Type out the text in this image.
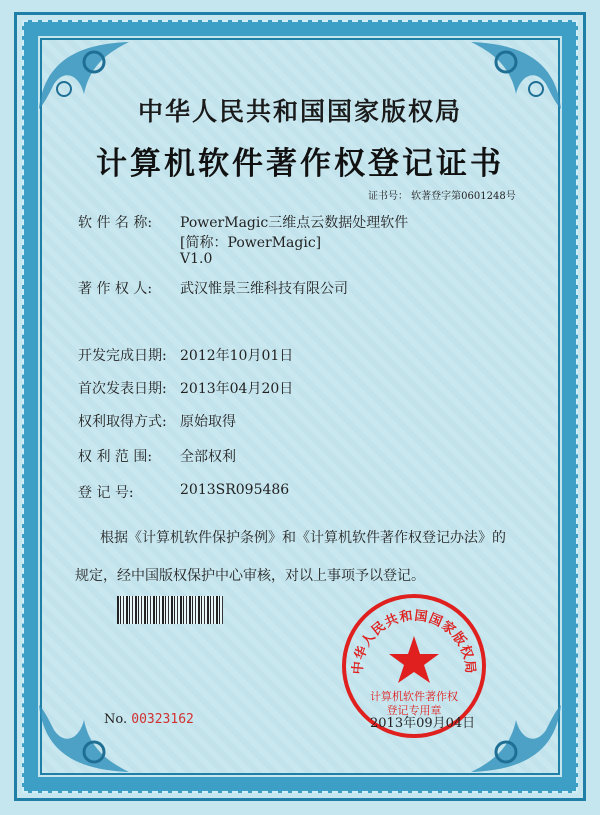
中华人民共和国国家版权局
计算机软件著作权登记证书
证书号： 软著登字第0601248号
软 件 名 称: PowerMagic三维点云数据处理软件
[简称：PowerMagic]
V1.0
著 作 权 人: 武汉惟景三维科技有限公司
开发完成日期: 2012年10月01日
首次发表日期: 2013年04月20日
权利取得方式: 原始取得
权 利 范 围: 全部权利
登 记 号:	2013SR095486
根据《计算机软件保护条例》和《计算机软件著作权登记办法》的
规定，经中国版权保护中心审核，对以上事项予以登记。
中华人民共和国国家版权局
计算机软件著作权
登记专用章
No. 00323162	2013年09月04日
